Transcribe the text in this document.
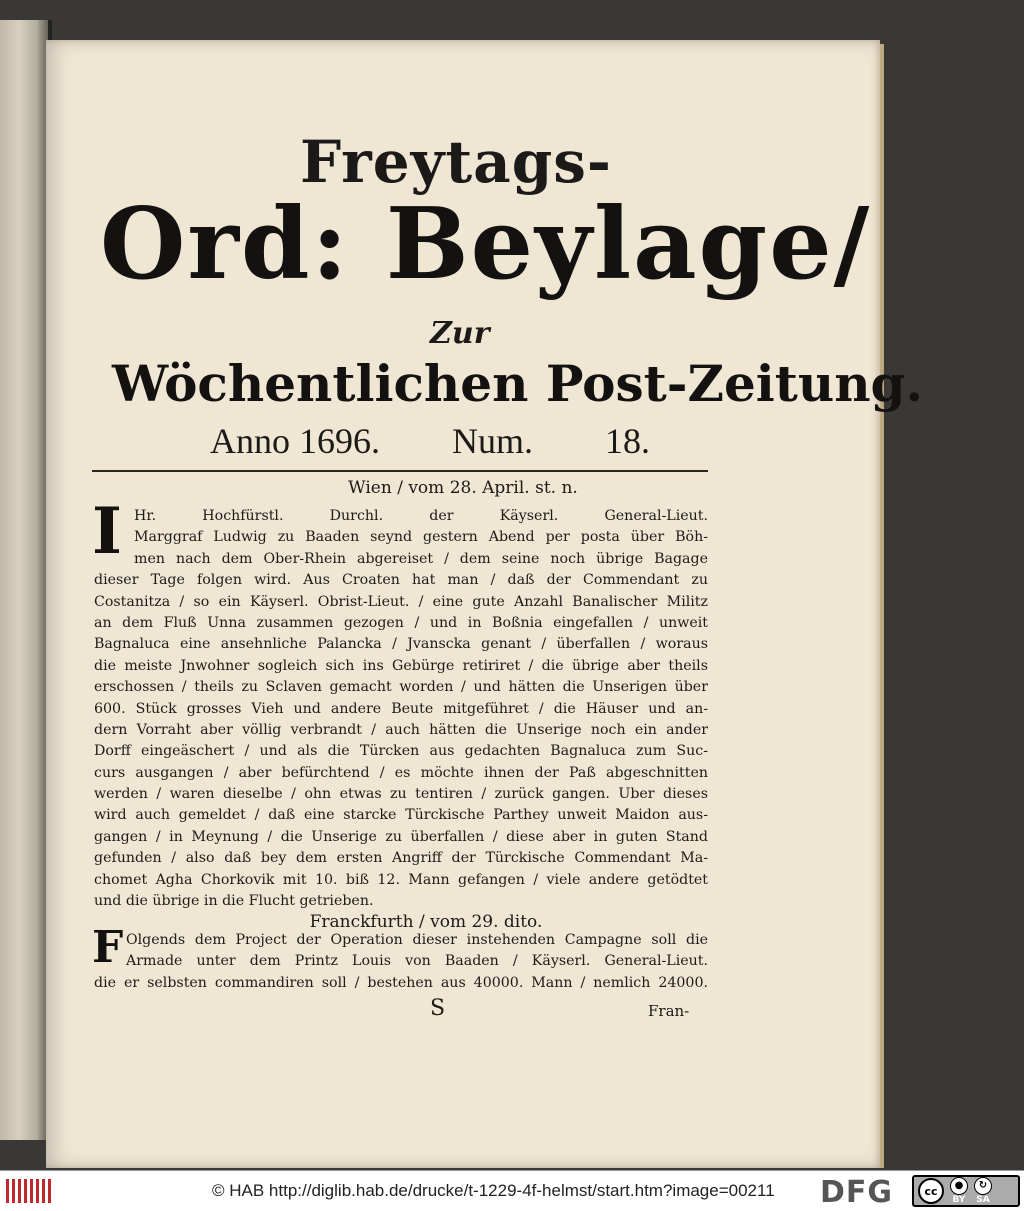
Freytags-
Ord: Beylage/
Zur
Wöchentlichen Post-Zeitung.
Anno 1696. Num. 18.
Wien / vom 28. April. st. n.
I Hr. Hochfürstl. Durchl. der Käyserl. General-Lieut.
Marggraf Ludwig zu Baaden seynd gestern Abend per posta über Böh-
men nach dem Ober-Rhein abgereiset / dem seine noch übrige Bagage
dieser Tage folgen wird. Aus Croaten hat man / daß der Commendant zu
Costanitza / so ein Käyserl. Obrist-Lieut. / eine gute Anzahl Banalischer Militz
an dem Fluß Unna zusammen gezogen / und in Boßnia eingefallen / unweit
Bagnaluca eine ansehnliche Palancka / Jvanscka genant / überfallen / woraus
die meiste Jnwohner sogleich sich ins Gebürge retiriret / die übrige aber theils
erschossen / theils zu Sclaven gemacht worden / und hätten die Unserigen über
600. Stück grosses Vieh und andere Beute mitgeführet / die Häuser und an-
dern Vorraht aber völlig verbrandt / auch hätten die Unserige noch ein ander
Dorff eingeäschert / und als die Türcken aus gedachten Bagnaluca zum Suc-
curs ausgangen / aber befürchtend / es möchte ihnen der Paß abgeschnitten
werden / waren dieselbe / ohn etwas zu tentiren / zurück gangen. Uber dieses
wird auch gemeldet / daß eine starcke Türckische Parthey unweit Maidon aus-
gangen / in Meynung / die Unserige zu überfallen / diese aber in guten Stand
gefunden / also daß bey dem ersten Angriff der Türckische Commendant Ma-
chomet Agha Chorkovik mit 10. biß 12. Mann gefangen / viele andere getödtet
und die übrige in die Flucht getrieben.
Franckfurth / vom 29. dito.
F Olgends dem Project der Operation dieser instehenden Campagne soll die
Armade unter dem Printz Louis von Baaden / Käyserl. General-Lieut.
die er selbsten commandiren soll / bestehen aus 40000. Mann / nemlich 24000.
S	Fran-
© HAB http://diglib.hab.de/drucke/t-1229-4f-helmst/start.htm?image=00211 DFG	cc	●
BY
↻
SA
